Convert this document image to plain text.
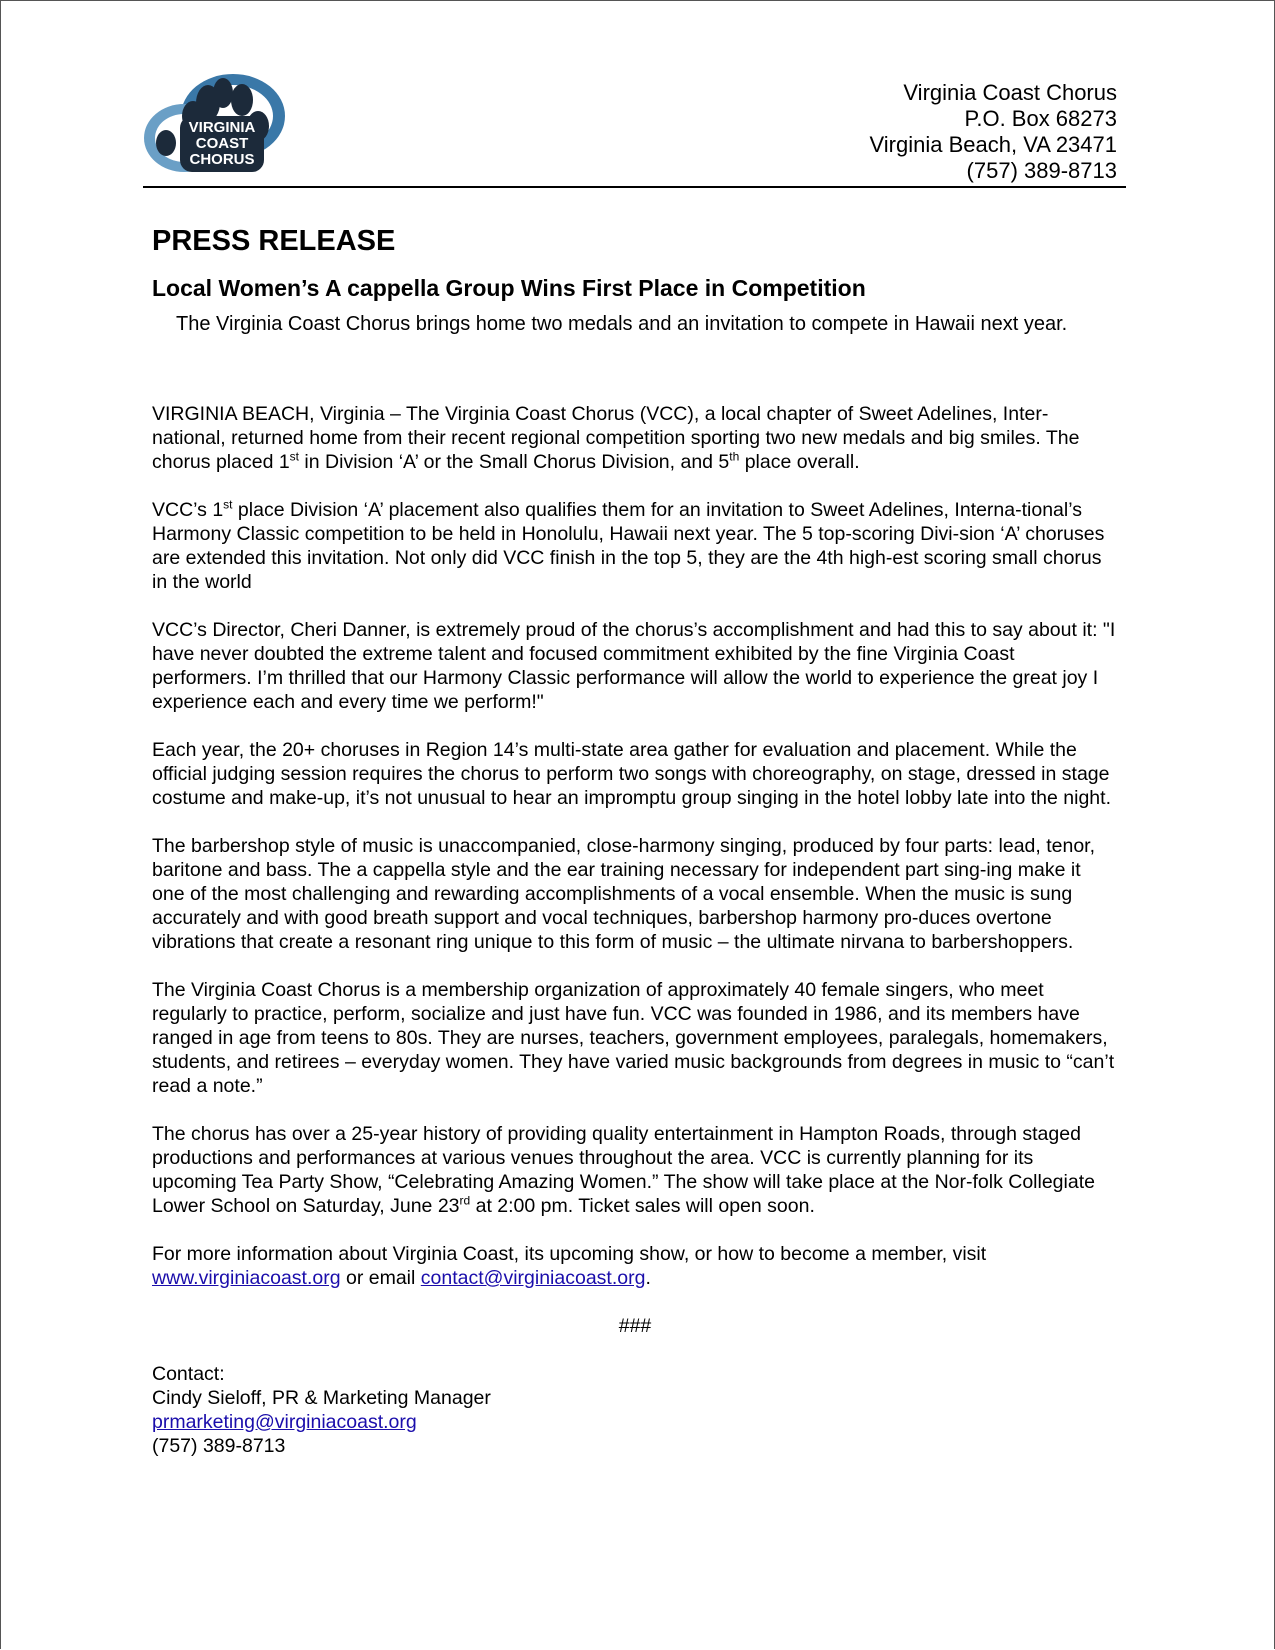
VIRGINIA
COAST
CHORUS
Virginia Coast Chorus
P.O. Box 68273
Virginia Beach, VA 23471
(757) 389-8713
PRESS RELEASE
Local Women’s A cappella Group Wins First Place in Competition
The Virginia Coast Chorus brings home two medals and an invitation to compete in Hawaii next year.

VIRGINIA BEACH, Virginia – The Virginia Coast Chorus (VCC), a local chapter of Sweet Adelines, Inter-national, returned home from their recent regional competition sporting two new medals and big smiles. The chorus placed 1st in Division ‘A’ or the Small Chorus Division, and 5th place overall.

VCC’s 1st place Division ‘A’ placement also qualifies them for an invitation to Sweet Adelines, Interna-tional’s Harmony Classic competition to be held in Honolulu, Hawaii next year. The 5 top-scoring Divi-sion ‘A’ choruses are extended this invitation. Not only did VCC finish in the top 5, they are the 4th high-est scoring small chorus in the world

VCC’s Director, Cheri Danner, is extremely proud of the chorus’s accomplishment and had this to say about it: "I have never doubted the extreme talent and focused commitment exhibited by the fine Virginia Coast performers. I’m thrilled that our Harmony Classic performance will allow the world to experience the great joy I experience each and every time we perform!"

Each year, the 20+ choruses in Region 14’s multi-state area gather for evaluation and placement. While the official judging session requires the chorus to perform two songs with choreography, on stage, dressed in stage costume and make-up, it’s not unusual to hear an impromptu group singing in the hotel lobby late into the night.

The barbershop style of music is unaccompanied, close-harmony singing, produced by four parts: lead, tenor, baritone and bass. The a cappella style and the ear training necessary for independent part sing-ing make it one of the most challenging and rewarding accomplishments of a vocal ensemble. When the music is sung accurately and with good breath support and vocal techniques, barbershop harmony pro-duces overtone vibrations that create a resonant ring unique to this form of music – the ultimate nirvana to barbershoppers.

The Virginia Coast Chorus is a membership organization of approximately 40 female singers, who meet regularly to practice, perform, socialize and just have fun. VCC was founded in 1986, and its members have ranged in age from teens to 80s. They are nurses, teachers, government employees, paralegals, homemakers, students, and retirees – everyday women. They have varied music backgrounds from degrees in music to “can’t read a note.”

The chorus has over a 25-year history of providing quality entertainment in Hampton Roads, through staged productions and performances at various venues throughout the area. VCC is currently planning for its upcoming Tea Party Show, “Celebrating Amazing Women.” The show will take place at the Nor-folk Collegiate Lower School on Saturday, June 23rd at 2:00 pm. Ticket sales will open soon.

For more information about Virginia Coast, its upcoming show, or how to become a member, visit www.virginiacoast.org or email contact@virginiacoast.org.

###

Contact:
Cindy Sieloff, PR & Marketing Manager
prmarketing@virginiacoast.org
(757) 389-8713
